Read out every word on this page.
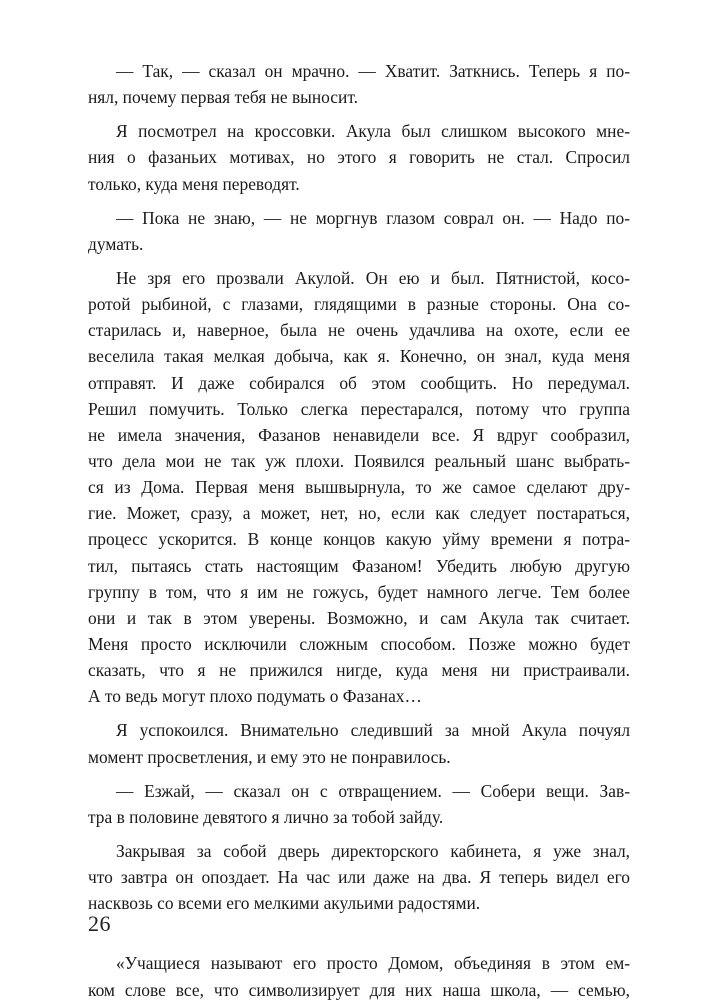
— Так, — сказал он мрачно. — Хватит. Заткнись. Теперь я по-
нял, почему первая тебя не выносит.
Я посмотрел на кроссовки. Акула был слишком высокого мне-
ния о фазаньих мотивах, но этого я говорить не стал. Спросил
только, куда меня переводят.
— Пока не знаю, — не моргнув глазом соврал он. — Надо по-
думать.
Не зря его прозвали Акулой. Он ею и был. Пятнистой, косо-
ротой рыбиной, с глазами, глядящими в разные стороны. Она со-
старилась и, наверное, была не очень удачлива на охоте, если ее
веселила такая мелкая добыча, как я. Конечно, он знал, куда меня
отправят. И даже собирался об этом сообщить. Но передумал.
Решил помучить. Только слегка перестарался, потому что группа
не имела значения, Фазанов ненавидели все. Я вдруг сообразил,
что дела мои не так уж плохи. Появился реальный шанс выбрать-
ся из Дома. Первая меня вышвырнула, то же самое сделают дру-
гие. Может, сразу, а может, нет, но, если как следует постараться,
процесс ускорится. В конце концов какую уйму времени я потра-
тил, пытаясь стать настоящим Фазаном! Убедить любую другую
группу в том, что я им не гожусь, будет намного легче. Тем более
они и так в этом уверены. Возможно, и сам Акула так считает.
Меня просто исключили сложным способом. Позже можно будет
сказать, что я не прижился нигде, куда меня ни пристраивали.
А то ведь могут плохо подумать о Фазанах…
Я успокоился. Внимательно следивший за мной Акула почуял
момент просветления, и ему это не понравилось.
— Езжай, — сказал он с отвращением. — Собери вещи. Зав-
тра в половине девятого я лично за тобой зайду.
Закрывая за собой дверь директорского кабинета, я уже знал,
что завтра он опоздает. На час или даже на два. Я теперь видел его
насквозь со всеми его мелкими акульими радостями.
«Учащиеся называют его просто Домом, объединяя в этом ем-
ком слове все, что символизирует для них наша школа, — семью,
26
